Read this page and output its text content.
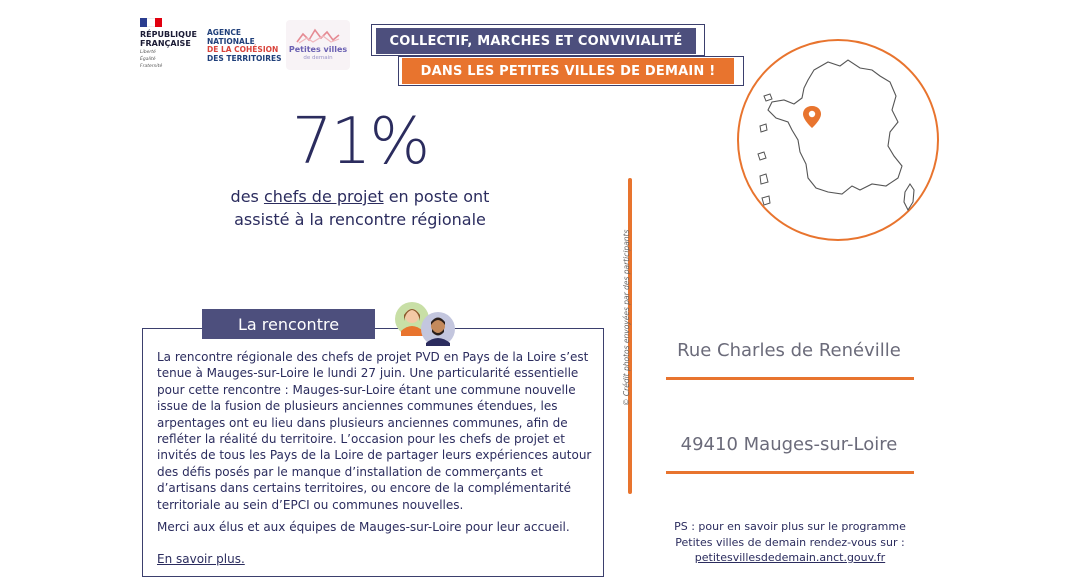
RÉPUBLIQUE
FRANÇAISE
Liberté
Égalité
Fraternité
AGENCE
NATIONALE
DE LA COHÉSION
DES TERRITOIRES
Petites villes
de demain
COLLECTIF, MARCHES ET CONVIVIALITÉ
DANS LES PETITES VILLES DE DEMAIN !
71%
des chefs de projet en poste ont assisté à la rencontre régionale
La rencontre

La rencontre régionale des chefs de projet PVD en Pays de la Loire s’est tenue à Mauges-sur-Loire le lundi 27 juin. Une particularité essentielle pour cette rencontre : Mauges-sur-Loire étant une commune nouvelle issue de la fusion de plusieurs anciennes communes étendues, les arpentages ont eu lieu dans plusieurs anciennes communes, afin de refléter la réalité du territoire. L’occasion pour les chefs de projet et invités de tous les Pays de la Loire de partager leurs expériences autour des défis posés par le manque d’installation de commerçants et d’artisans dans certains territoires, ou encore de la complémentarité territoriale au sein d’EPCI ou communes nouvelles.

Merci aux élus et aux équipes de Mauges-sur-Loire pour leur accueil.

En savoir plus.
© Crédit photos envoyées par des participants	Rue Charles de Renéville
49410 Mauges-sur-Loire
PS : pour en savoir plus sur le programme
Petites villes de demain rendez-vous sur :
petitesvillesdedemain.anct.gouv.fr
